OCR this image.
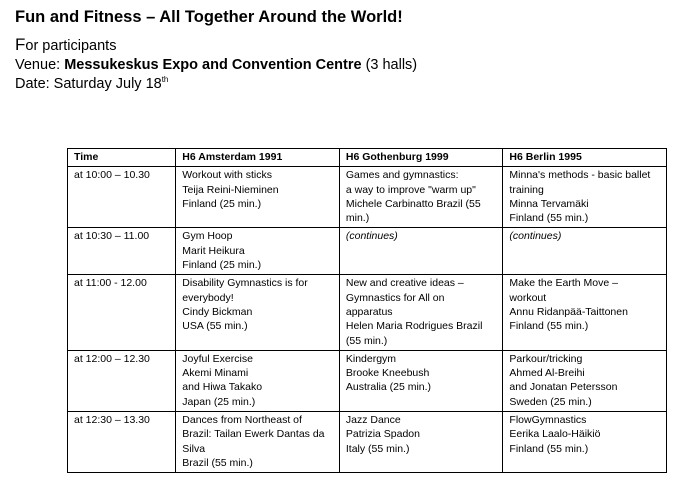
Fun and Fitness – All Together Around the World!
For participants
Venue: Messukeskus Expo and Convention Centre (3 halls)
Date: Saturday July 18th
Time	H6 Amsterdam 1991	H6 Gothenburg 1999	H6 Berlin 1995
at 10:00 – 10.30	Workout with sticks
Teija Reini-Nieminen
Finland (25 min.)	Games and gymnastics:
a way to improve "warm up"
Michele Carbinatto Brazil (55
min.)	Minna's methods - basic ballet
training
Minna Tervamäki
Finland (55 min.)

at 10:30 – 11.00	Gym Hoop
Marit Heikura
Finland (25 min.)	(continues)	(continues)

at 11:00 - 12.00	Disability Gymnastics is for
everybody!
Cindy Bickman
USA (55 min.)	New and creative ideas –
Gymnastics for All on
apparatus
Helen Maria Rodrigues Brazil
(55 min.)	Make the Earth Move –
workout
Annu Ridanpää-Taittonen
Finland (55 min.)

at 12:00 – 12.30	Joyful Exercise
Akemi Minami
and Hiwa Takako
Japan (25 min.)	Kindergym
Brooke Kneebush
Australia (25 min.)	Parkour/tricking
Ahmed Al-Breihi
and Jonatan Petersson
Sweden (25 min.)

at 12:30 – 13.30	Dances from Northeast of
Brazil: Tailan Ewerk Dantas da
Silva
Brazil (55 min.)	Jazz Dance
Patrizia Spadon
Italy (55 min.)	FlowGymnastics
Eerika Laalo-Häikiö
Finland (55 min.)
